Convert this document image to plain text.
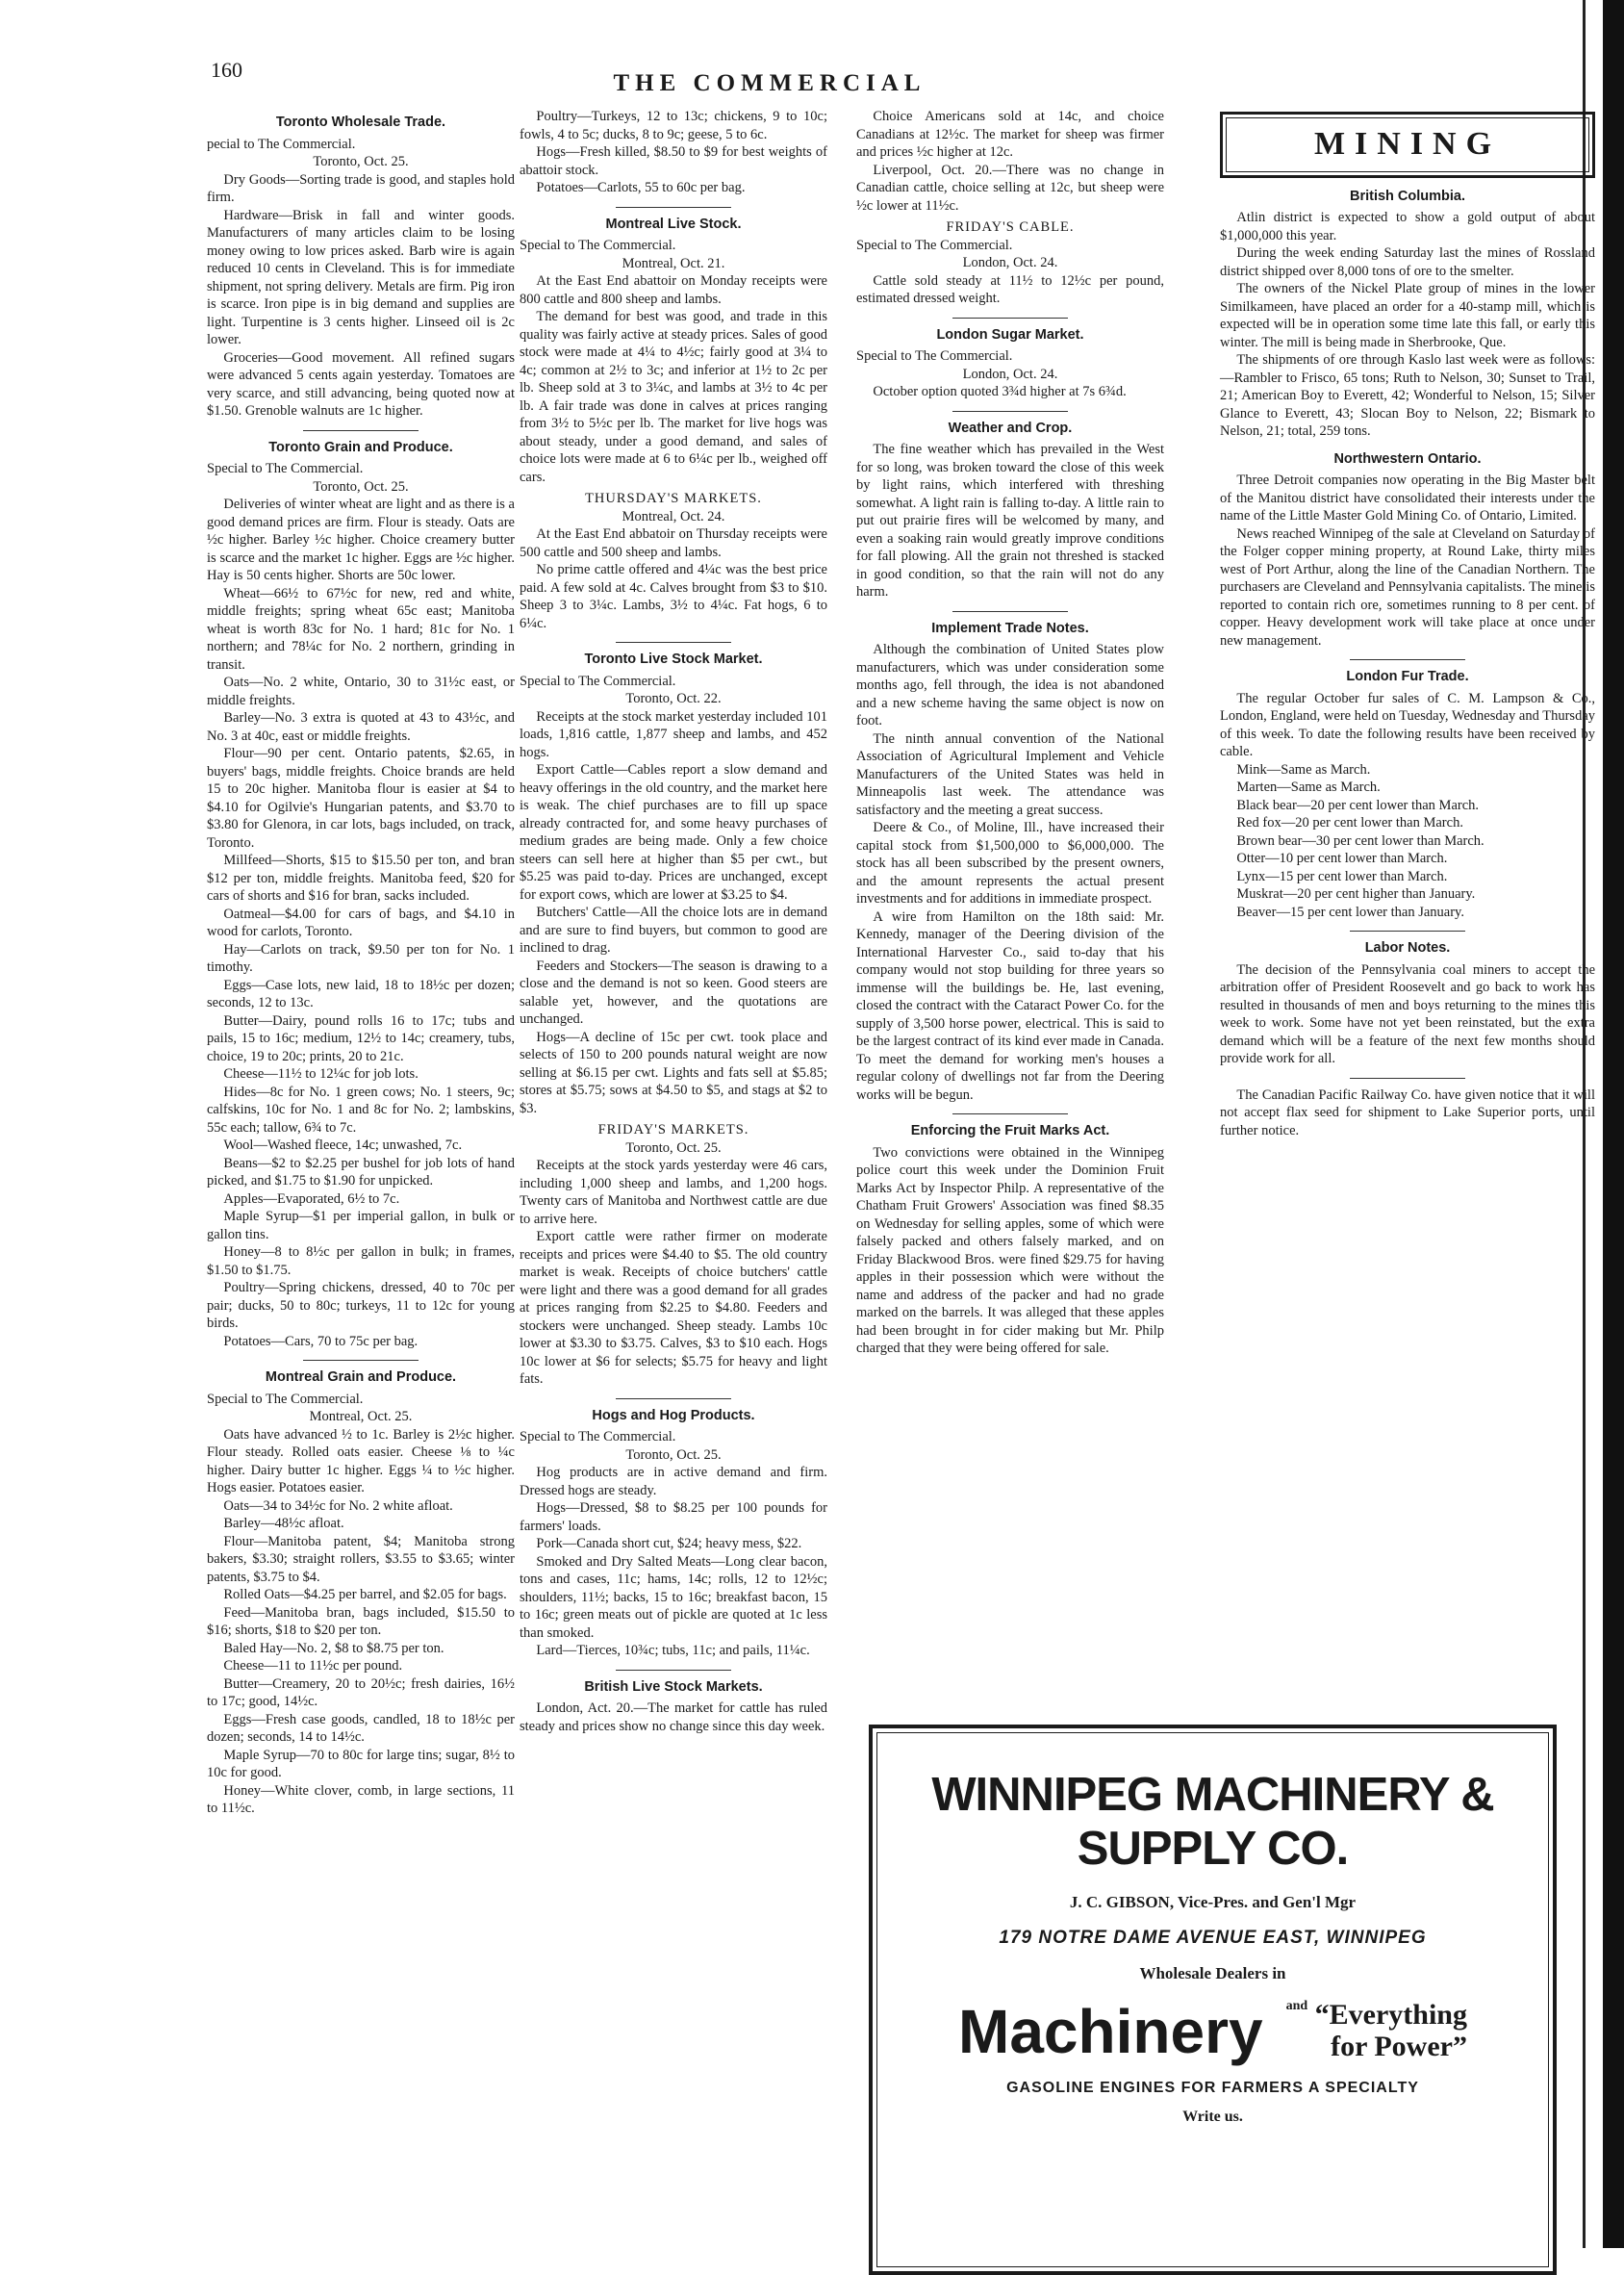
160
THE COMMERCIAL
Toronto Wholesale Trade.

pecial to The Commercial.

Toronto, Oct. 25.

Dry Goods—Sorting trade is good, and staples hold firm.

Hardware—Brisk in fall and winter goods. Manufacturers of many articles claim to be losing money owing to low prices asked. Barb wire is again reduced 10 cents in Cleveland. This is for immediate shipment, not spring delivery. Metals are firm. Pig iron is scarce. Iron pipe is in big demand and supplies are light. Turpentine is 3 cents higher. Linseed oil is 2c lower.

Groceries—Good movement. All refined sugars were advanced 5 cents again yesterday. Tomatoes are very scarce, and still advancing, being quoted now at $1.50. Grenoble walnuts are 1c higher.

Toronto Grain and Produce.

Special to The Commercial.

Toronto, Oct. 25.

Deliveries of winter wheat are light and as there is a good demand prices are firm. Flour is steady. Oats are ½c higher. Barley ½c higher. Choice creamery butter is scarce and the market 1c higher. Eggs are ½c higher. Hay is 50 cents higher. Shorts are 50c lower.

Wheat—66½ to 67½c for new, red and white, middle freights; spring wheat 65c east; Manitoba wheat is worth 83c for No. 1 hard; 81c for No. 1 northern; and 78¼c for No. 2 northern, grinding in transit.

Oats—No. 2 white, Ontario, 30 to 31½c east, or middle freights.

Barley—No. 3 extra is quoted at 43 to 43½c, and No. 3 at 40c, east or middle freights.

Flour—90 per cent. Ontario patents, $2.65, in buyers' bags, middle freights. Choice brands are held 15 to 20c higher. Manitoba flour is easier at $4 to $4.10 for Ogilvie's Hungarian patents, and $3.70 to $3.80 for Glenora, in car lots, bags included, on track, Toronto.

Millfeed—Shorts, $15 to $15.50 per ton, and bran $12 per ton, middle freights. Manitoba feed, $20 for cars of shorts and $16 for bran, sacks included.

Oatmeal—$4.00 for cars of bags, and $4.10 in wood for carlots, Toronto.

Hay—Carlots on track, $9.50 per ton for No. 1 timothy.

Eggs—Case lots, new laid, 18 to 18½c per dozen; seconds, 12 to 13c.

Butter—Dairy, pound rolls 16 to 17c; tubs and pails, 15 to 16c; medium, 12½ to 14c; creamery, tubs, choice, 19 to 20c; prints, 20 to 21c.

Cheese—11½ to 12¼c for job lots.

Hides—8c for No. 1 green cows; No. 1 steers, 9c; calfskins, 10c for No. 1 and 8c for No. 2; lambskins, 55c each; tallow, 6¾ to 7c.

Wool—Washed fleece, 14c; unwashed, 7c.

Beans—$2 to $2.25 per bushel for job lots of hand picked, and $1.75 to $1.90 for unpicked.

Apples—Evaporated, 6½ to 7c.

Maple Syrup—$1 per imperial gallon, in bulk or gallon tins.

Honey—8 to 8½c per gallon in bulk; in frames, $1.50 to $1.75.

Poultry—Spring chickens, dressed, 40 to 70c per pair; ducks, 50 to 80c; turkeys, 11 to 12c for young birds.

Potatoes—Cars, 70 to 75c per bag.

Montreal Grain and Produce.

Special to The Commercial.

Montreal, Oct. 25.

Oats have advanced ½ to 1c. Barley is 2½c higher. Flour steady. Rolled oats easier. Cheese ⅛ to ¼c higher. Dairy butter 1c higher. Eggs ¼ to ½c higher. Hogs easier. Potatoes easier.

Oats—34 to 34½c for No. 2 white afloat.

Barley—48½c afloat.

Flour—Manitoba patent, $4; Manitoba strong bakers, $3.30; straight rollers, $3.55 to $3.65; winter patents, $3.75 to $4.

Rolled Oats—$4.25 per barrel, and $2.05 for bags.

Feed—Manitoba bran, bags included, $15.50 to $16; shorts, $18 to $20 per ton.

Baled Hay—No. 2, $8 to $8.75 per ton.

Cheese—11 to 11½c per pound.

Butter—Creamery, 20 to 20½c; fresh dairies, 16½ to 17c; good, 14½c.

Eggs—Fresh case goods, candled, 18 to 18½c per dozen; seconds, 14 to 14½c.

Maple Syrup—70 to 80c for large tins; sugar, 8½ to 10c for good.

Honey—White clover, comb, in large sections, 11 to 11½c.

Poultry—Turkeys, 12 to 13c; chickens, 9 to 10c; fowls, 4 to 5c; ducks, 8 to 9c; geese, 5 to 6c.

Hogs—Fresh killed, $8.50 to $9 for best weights of abattoir stock.

Potatoes—Carlots, 55 to 60c per bag.

Montreal Live Stock.

Special to The Commercial.

Montreal, Oct. 21.

At the East End abattoir on Monday receipts were 800 cattle and 800 sheep and lambs.

The demand for best was good, and trade in this quality was fairly active at steady prices. Sales of good stock were made at 4¼ to 4½c; fairly good at 3¼ to 4c; common at 2½ to 3c; and inferior at 1½ to 2c per lb. Sheep sold at 3 to 3¼c, and lambs at 3½ to 4c per lb. A fair trade was done in calves at prices ranging from 3½ to 5½c per lb. The market for live hogs was about steady, under a good demand, and sales of choice lots were made at 6 to 6¼c per lb., weighed off cars.

THURSDAY'S MARKETS.

Montreal, Oct. 24.

At the East End abbatoir on Thursday receipts were 500 cattle and 500 sheep and lambs.

No prime cattle offered and 4¼c was the best price paid. A few sold at 4c. Calves brought from $3 to $10. Sheep 3 to 3¼c. Lambs, 3½ to 4¼c. Fat hogs, 6 to 6¼c.

Toronto Live Stock Market.

Special to The Commercial.

Toronto, Oct. 22.

Receipts at the stock market yesterday included 101 loads, 1,816 cattle, 1,877 sheep and lambs, and 452 hogs.

Export Cattle—Cables report a slow demand and heavy offerings in the old country, and the market here is weak. The chief purchases are to fill up space already contracted for, and some heavy purchases of medium grades are being made. Only a few choice steers can sell here at higher than $5 per cwt., but $5.25 was paid to-day. Prices are unchanged, except for export cows, which are lower at $3.25 to $4.

Butchers' Cattle—All the choice lots are in demand and are sure to find buyers, but common to good are inclined to drag.

Feeders and Stockers—The season is drawing to a close and the demand is not so keen. Good steers are salable yet, however, and the quotations are unchanged.

Hogs—A decline of 15c per cwt. took place and selects of 150 to 200 pounds natural weight are now selling at $6.15 per cwt. Lights and fats sell at $5.85; stores at $5.75; sows at $4.50 to $5, and stags at $2 to $3.

FRIDAY'S MARKETS.

Toronto, Oct. 25.

Receipts at the stock yards yesterday were 46 cars, including 1,000 sheep and lambs, and 1,200 hogs. Twenty cars of Manitoba and Northwest cattle are due to arrive here.

Export cattle were rather firmer on moderate receipts and prices were $4.40 to $5. The old country market is weak. Receipts of choice butchers' cattle were light and there was a good demand for all grades at prices ranging from $2.25 to $4.80. Feeders and stockers were unchanged. Sheep steady. Lambs 10c lower at $3.30 to $3.75. Calves, $3 to $10 each. Hogs 10c lower at $6 for selects; $5.75 for heavy and light fats.

Hogs and Hog Products.

Special to The Commercial.

Toronto, Oct. 25.

Hog products are in active demand and firm. Dressed hogs are steady.

Hogs—Dressed, $8 to $8.25 per 100 pounds for farmers' loads.

Pork—Canada short cut, $24; heavy mess, $22.

Smoked and Dry Salted Meats—Long clear bacon, tons and cases, 11c; hams, 14c; rolls, 12 to 12½c; shoulders, 11½; backs, 15 to 16c; breakfast bacon, 15 to 16c; green meats out of pickle are quoted at 1c less than smoked.

Lard—Tierces, 10¾c; tubs, 11c; and pails, 11¼c.

British Live Stock Markets.

London, Act. 20.—The market for cattle has ruled steady and prices show no change since this day week.

Choice Americans sold at 14c, and choice Canadians at 12½c. The market for sheep was firmer and prices ½c higher at 12c.

Liverpool, Oct. 20.—There was no change in Canadian cattle, choice selling at 12c, but sheep were ½c lower at 11½c.

FRIDAY'S CABLE.

Special to The Commercial.

London, Oct. 24.

Cattle sold steady at 11½ to 12½c per pound, estimated dressed weight.

London Sugar Market.

Special to The Commercial.

London, Oct. 24.

October option quoted 3¾d higher at 7s 6¾d.

Weather and Crop.

The fine weather which has prevailed in the West for so long, was broken toward the close of this week by light rains, which interfered with threshing somewhat. A light rain is falling to-day. A little rain to put out prairie fires will be welcomed by many, and even a soaking rain would greatly improve conditions for fall plowing. All the grain not threshed is stacked in good condition, so that the rain will not do any harm.

Implement Trade Notes.

Although the combination of United States plow manufacturers, which was under consideration some months ago, fell through, the idea is not abandoned and a new scheme having the same object is now on foot.

The ninth annual convention of the National Association of Agricultural Implement and Vehicle Manufacturers of the United States was held in Minneapolis last week. The attendance was satisfactory and the meeting a great success.

Deere & Co., of Moline, Ill., have increased their capital stock from $1,500,000 to $6,000,000. The stock has all been subscribed by the present owners, and the amount represents the actual present investments and for additions in immediate prospect.

A wire from Hamilton on the 18th said: Mr. Kennedy, manager of the Deering division of the International Harvester Co., said to-day that his company would not stop building for three years so immense will the buildings be. He, last evening, closed the contract with the Cataract Power Co. for the supply of 3,500 horse power, electrical. This is said to be the largest contract of its kind ever made in Canada. To meet the demand for working men's houses a regular colony of dwellings not far from the Deering works will be begun.

Enforcing the Fruit Marks Act.

Two convictions were obtained in the Winnipeg police court this week under the Dominion Fruit Marks Act by Inspector Philp. A representative of the Chatham Fruit Growers' Association was fined $8.35 on Wednesday for selling apples, some of which were falsely packed and others falsely marked, and on Friday Blackwood Bros. were fined $29.75 for having apples in their possession which were without the name and address of the packer and had no grade marked on the barrels. It was alleged that these apples had been brought in for cider making but Mr. Philp charged that they were being offered for sale.

MINING
British Columbia.

Atlin district is expected to show a gold output of about $1,000,000 this year.

During the week ending Saturday last the mines of Rossland district shipped over 8,000 tons of ore to the smelter.

The owners of the Nickel Plate group of mines in the lower Similkameen, have placed an order for a 40-stamp mill, which is expected will be in operation some time late this fall, or early this winter. The mill is being made in Sherbrooke, Que.

The shipments of ore through Kaslo last week were as follows:—Rambler to Frisco, 65 tons; Ruth to Nelson, 30; Sunset to Trail, 21; American Boy to Everett, 42; Wonderful to Nelson, 15; Silver Glance to Everett, 43; Slocan Boy to Nelson, 22; Bismark to Nelson, 21; total, 259 tons.

Northwestern Ontario.

Three Detroit companies now operating in the Big Master belt of the Manitou district have consolidated their interests under the name of the Little Master Gold Mining Co. of Ontario, Limited.

News reached Winnipeg of the sale at Cleveland on Saturday of the Folger copper mining property, at Round Lake, thirty miles west of Port Arthur, along the line of the Canadian Northern. The purchasers are Cleveland and Pennsylvania capitalists. The mine is reported to contain rich ore, sometimes running to 8 per cent. of copper. Heavy development work will take place at once under new management.

London Fur Trade.

The regular October fur sales of C. M. Lampson & Co., London, England, were held on Tuesday, Wednesday and Thursday of this week. To date the following results have been received by cable.

Mink—Same as March.

Marten—Same as March.

Black bear—20 per cent lower than March.

Red fox—20 per cent lower than March.

Brown bear—30 per cent lower than March.

Otter—10 per cent lower than March.

Lynx—15 per cent lower than March.

Muskrat—20 per cent higher than January.

Beaver—15 per cent lower than January.

Labor Notes.

The decision of the Pennsylvania coal miners to accept the arbitration offer of President Roosevelt and go back to work has resulted in thousands of men and boys returning to the mines this week to work. Some have not yet been reinstated, but the extra demand which will be a feature of the next few months should provide work for all.

The Canadian Pacific Railway Co. have given notice that it will not accept flax seed for shipment to Lake Superior ports, until further notice.

WINNIPEG MACHINERY & SUPPLY CO.
J. C. GIBSON, Vice-Pres. and Gen'l Mgr
179 NOTRE DAME AVENUE EAST, WINNIPEG
Wholesale Dealers in
Machinery $^{and}$ “Everything
for Power”
GASOLINE ENGINES FOR FARMERS A SPECIALTY
Write us.
